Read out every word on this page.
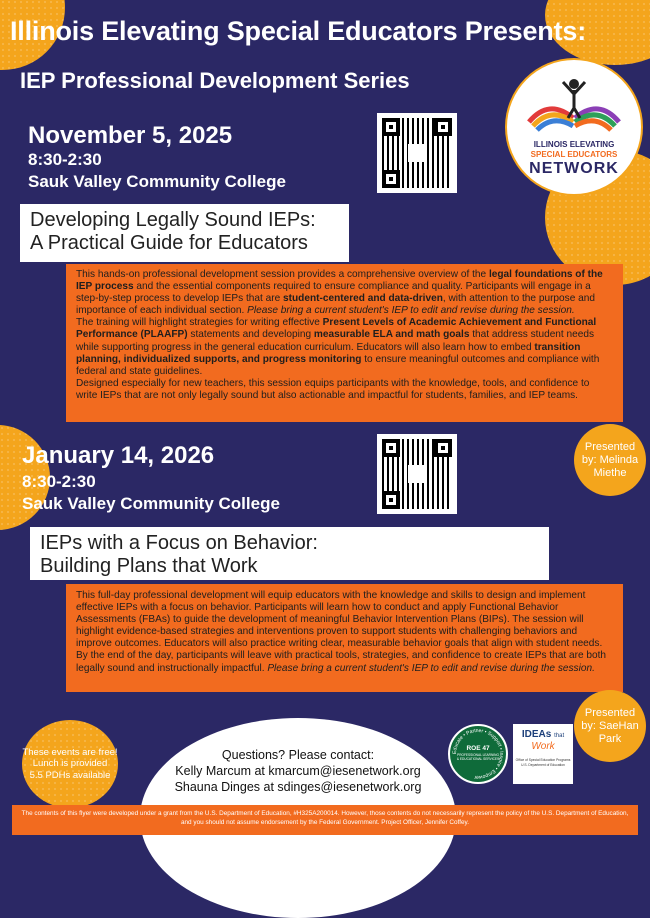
Illinois Elevating Special Educators Presents:
IEP Professional Development Series
ILLINOIS ELEVATING
SPECIAL EDUCATORS
NETWORK
November 5, 2025
8:30-2:30
Sauk Valley Community College
Developing Legally Sound IEPs:
A Practical Guide for Educators

This hands-on professional development session provides a comprehensive overview of the legal foundations of the IEP process and the essential components required to ensure compliance and quality. Participants will engage in a step-by-step process to develop IEPs that are student-centered and data-driven, with attention to the purpose and importance of each individual section. Please bring a current student's IEP to edit and revise during the session.

The training will highlight strategies for writing effective Present Levels of Academic Achievement and Functional Performance (PLAAFP) statements and developing measurable ELA and math goals that address student needs while supporting progress in the general education curriculum. Educators will also learn how to embed transition planning, individualized supports, and progress monitoring to ensure meaningful outcomes and compliance with federal and state guidelines.

Designed especially for new teachers, this session equips participants with the knowledge, tools, and confidence to write IEPs that are not only legally sound but also actionable and impactful for students, families, and IEP teams.

Presented by: Melinda Miethe
January 14, 2026
8:30-2:30
Sauk Valley Community College
IEPs with a Focus on Behavior:
Building Plans that Work

This full-day professional development will equip educators with the knowledge and skills to design and implement effective IEPs with a focus on behavior. Participants will learn how to conduct and apply Functional Behavior Assessments (FBAs) to guide the development of meaningful Behavior Intervention Plans (BIPs). The session will highlight evidence-based strategies and interventions proven to support students with challenging behaviors and improve outcomes. Educators will also practice writing clear, measurable behavior goals that align with student needs. By the end of the day, participants will leave with practical tools, strategies, and confidence to create IEPs that are both legally sound and instructionally impactful. Please bring a current student's IEP to edit and revise during the session.

Presented by: SaeHan Park
These events are free!
Lunch is provided
5.5 PDHs available
Questions? Please contact:
Kelly Marcum at kmarcum@iesenetwork.org
Shauna Dinges at sdinges@iesenetwork.org
Educate • Partner • Support • Inspire • Empower
ROE 47
PROFESSIONAL LEARNING
& EDUCATIONAL SERVICES
IDEAs that
Work
Office of Special Education Programs
U.S. Department of Education
The contents of this flyer were developed under a grant from the U.S. Department of Education, #H325A200014. However, those contents do not necessarily represent the policy of the U.S. Department of Education, and you should not assume endorsement by the Federal Government. Project Officer, Jennifer Coffey.
